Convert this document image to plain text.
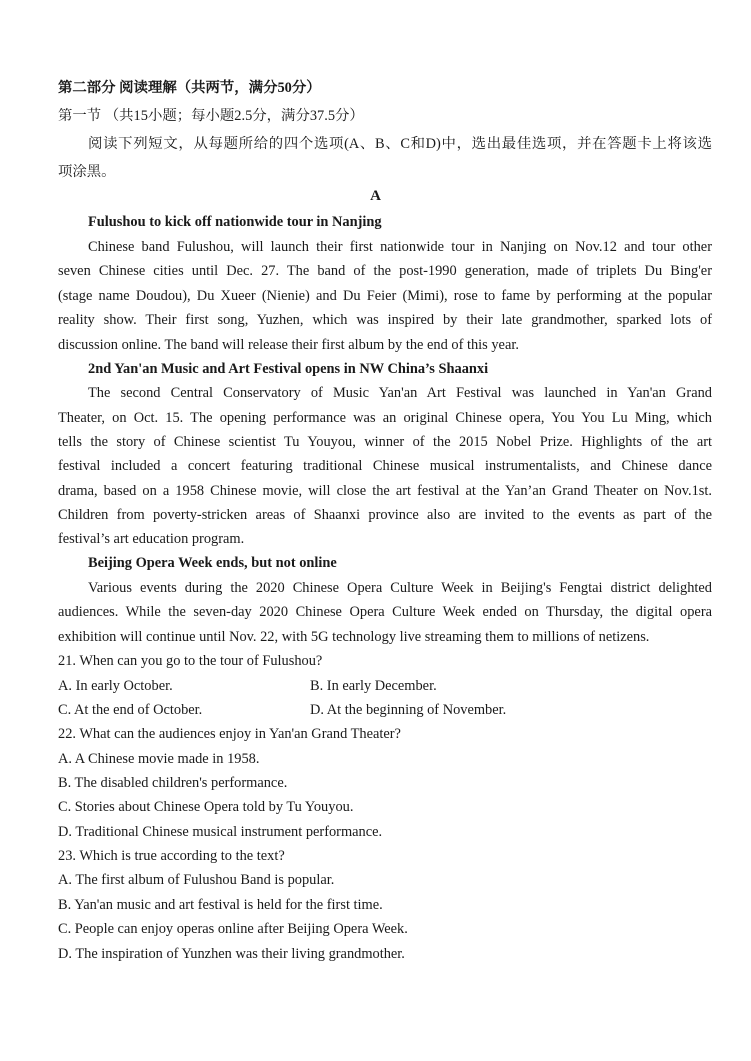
第二部分 阅读理解（共两节，满分50分）
第一节 （共15小题；每小题2.5分，满分37.5分）
阅读下列短文，从每题所给的四个选项(A、B、C和D)中，选出最佳选项，并在答题卡上将该选
项涂黑。
A
Fulushou to kick off nationwide tour in Nanjing
Chinese band Fulushou, will launch their first nationwide tour in Nanjing on Nov.12 and tour other
seven Chinese cities until Dec. 27. The band of the post-1990 generation, made of triplets Du Bing'er
(stage name Doudou), Du Xueer (Nienie) and Du Feier (Mimi), rose to fame by performing at the popular
reality show. Their first song, Yuzhen, which was inspired by their late grandmother, sparked lots of
discussion online. The band will release their first album by the end of this year.
2nd Yan'an Music and Art Festival opens in NW China’s Shaanxi
The second Central Conservatory of Music Yan'an Art Festival was launched in Yan'an Grand
Theater, on Oct. 15. The opening performance was an original Chinese opera, You You Lu Ming, which
tells the story of Chinese scientist Tu Youyou, winner of the 2015 Nobel Prize. Highlights of the art
festival included a concert featuring traditional Chinese musical instrumentalists, and Chinese dance
drama, based on a 1958 Chinese movie, will close the art festival at the Yan’an Grand Theater on Nov.1st.
Children from poverty-stricken areas of Shaanxi province also are invited to the events as part of the
festival’s art education program.
Beijing Opera Week ends, but not online
Various events during the 2020 Chinese Opera Culture Week in Beijing's Fengtai district delighted
audiences. While the seven-day 2020 Chinese Opera Culture Week ended on Thursday, the digital opera
exhibition will continue until Nov. 22, with 5G technology live streaming them to millions of netizens.
21. When can you go to the tour of Fulushou?
A. In early October.	B. In early December.
C. At the end of October.	D. At the beginning of November.
22. What can the audiences enjoy in Yan'an Grand Theater?
A. A Chinese movie made in 1958.
B. The disabled children's performance.
C. Stories about Chinese Opera told by Tu Youyou.
D. Traditional Chinese musical instrument performance.
23. Which is true according to the text?
A. The first album of Fulushou Band is popular.
B. Yan'an music and art festival is held for the first time.
C. People can enjoy operas online after Beijing Opera Week.
D. The inspiration of Yunzhen was their living grandmother.
